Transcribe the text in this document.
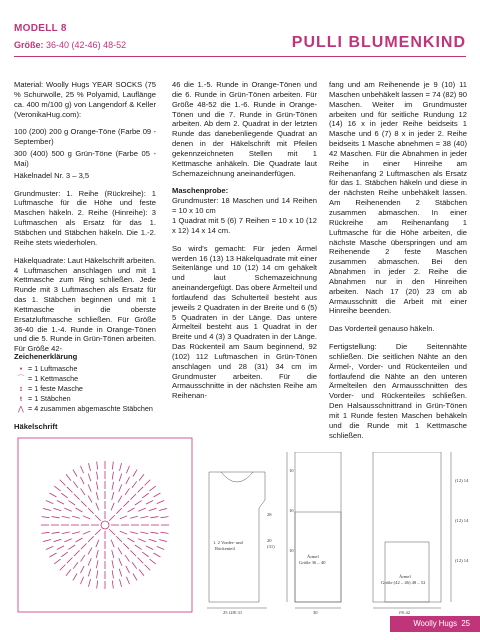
MODELL 8
Größe: 36-40 (42-46) 48-52	PULLI BLUMENKIND

Material: Woolly Hugs YEAR SOCKS (75 % Schurwolle, 25 % Polyamid, Lauflänge ca. 400 m/100 g) von Langendorf & Keller (VeronikaHug.com):

100 (200) 200 g Orange-Töne (Farbe 09 - September)

300 (400) 500 g Grün-Töne (Farbe 05 - Mai)

Häkelnadel Nr. 3 – 3,5

Grundmuster: 1. Reihe (Rückreihe): 1 Luftmasche für die Höhe und feste Maschen häkeln. 2. Reihe (Hinreihe): 3 Luftmaschen als Ersatz für das 1. Stäbchen und Stäbchen häkeln. Die 1.-2. Reihe stets wiederholen.

Häkelquadrate: Laut Häkelschrift arbeiten. 4 Luftmaschen anschlagen und mit 1 Kettmasche zum Ring schließen. Jede Runde mit 3 Luftmaschen als Ersatz für das 1. Stäbchen beginnen und mit 1 Kettmasche in die oberste Ersatzluftmasche schließen. Für Größe 36-40 die 1.-4. Runde in Orange-Tönen und die 5. Runde in Grün-Tönen arbeiten. Für Größe 42-

Zeichenerklärung
• = 1 Luftmasche
⌒ = 1 Kettmasche
ɪ = 1 feste Masche
ŧ = 1 Stäbchen
⋀ = 4 zusammen abgemaschte Stäbchen
Häkelschrift

46 die 1.-5. Runde in Orange-Tönen und die 6. Runde in Grün-Tönen arbeiten. Für Größe 48-52 die 1.-6. Runde in Orange-Tönen und die 7. Runde in Grün-Tönen arbeiten. Ab dem 2. Quadrat in der letzten Runde das danebenliegende Quadrat an denen in der Häkelschrift mit Pfeilen gekennzeichneten Stellen mit 1 Kettmasche anhäkeln. Die Quadrate laut Schemazeichnung aneinanderfügen.

Maschenprobe:

Grundmuster: 18 Maschen und 14 Reihen = 10 x 10 cm

1 Quadrat mit 5 (6) 7 Reihen = 10 x 10 (12 x 12) 14 x 14 cm.

So wird's gemacht: Für jeden Ärmel werden 16 (13) 13 Häkelquadrate mit einer Seitenlänge und 10 (12) 14 cm gehäkelt und laut Schemazeichnung aneinandergefügt. Das obere Ärmelteil und fortlaufend das Schulterteil besteht aus jeweils 2 Quadraten in der Breite und 6 (5) 5 Quadraten in der Länge. Das untere Ärmelteil besteht aus 1 Quadrat in der Breite und 4 (3) 3 Quadraten in der Länge. Das Rückenteil am Saum beginnend, 92 (102) 112 Luftmaschen in Grün-Tönen anschlagen und 28 (31) 34 cm im Grundmuster arbeiten. Für die Armausschnitte in der nächsten Reihe am Reihenan-

fang und am Reihenende je 9 (10) 11 Maschen unbehäkelt lassen = 74 (82) 90 Maschen. Weiter im Grundmuster arbeiten und für seitliche Rundung 12 (14) 16 x in jeder Reihe beidseits 1 Masche und 6 (7) 8 x in jeder 2. Reihe beidseits 1 Masche abnehmen = 38 (40) 42 Maschen. Für die Abnahmen in jeder Reihe in einer Hinreihe am Reihenanfang 2 Luftmaschen als Ersatz für das 1. Stäbchen häkeln und diese in der nächsten Reihe unbehäkelt lassen. Am Reihenenden 2 Stäbchen zusammen abmaschen. In einer Rückreihe am Reihenanfang 1 Luftmasche für die Höhe arbeiten, die nächste Masche überspringen und am Reihenende 2 feste Maschen zusammen abmaschen. Bei den Abnahmen in jeder 2. Reihe die Abnahmen nur in den Hinreihen arbeiten. Nach 17 (20) 23 cm ab Armausschnitt die Arbeit mit einer Hinreihe beenden.

Das Vorderteil genauso häkeln.

Fertigstellung: Die Seitennähte schließen. Die seitlichen Nähte an den Ärmel-, Vorder- und Rückenteilen und fortlaufend die Nähte an den unteren Ärmelteilen den Armausschnitten des Vorder- und Rückenteiles schließen. Den Halsausschnittrand in Grün-Tönen mit 1 Runde festen Maschen behäkeln und die Runde mit 1 Kettmasche schließen.

1. 2 Vorder- und
Rückenteil
Ärmel
Größe 36 – 40
Ärmel
Größe (42 – 46) 48 – 52
25 (28) 31	30	(9) 42
(12) 14
(12) 14
(12) 14
10
10
10
28
20
(31)
Woolly Hugs 25
